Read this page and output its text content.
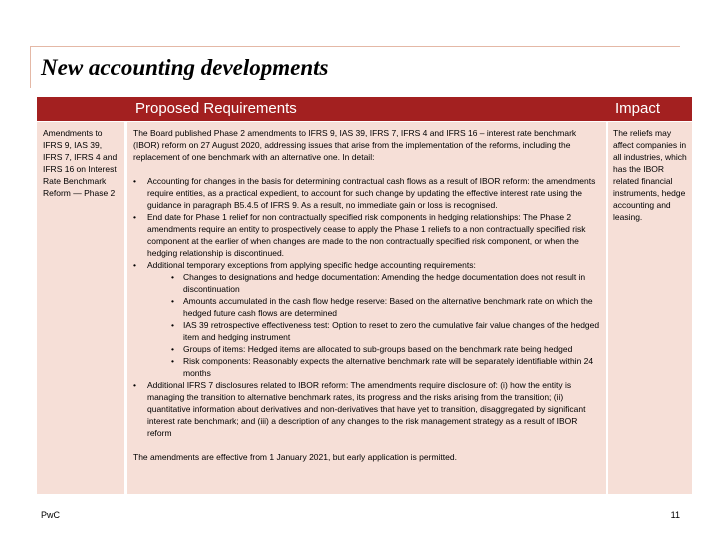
New accounting developments
Proposed Requirements	Impact
Amendments to IFRS 9, IAS 39, IFRS 7, IFRS 4 and IFRS 16 on Interest Rate Benchmark Reform — Phase 2

The Board published Phase 2 amendments to IFRS 9, IAS 39, IFRS 7, IFRS 4 and IFRS 16 – interest rate benchmark (IBOR) reform on 27 August 2020, addressing issues that arise from the implementation of the reforms, including the replacement of one benchmark with an alternative one. In detail:

• Accounting for changes in the basis for determining contractual cash flows as a result of IBOR reform: the amendments require entities, as a practical expedient, to account for such change by updating the effective interest rate using the guidance in paragraph B5.4.5 of IFRS 9. As a result, no immediate gain or loss is recognised.
• End date for Phase 1 relief for non contractually specified risk components in hedging relationships: The Phase 2 amendments require an entity to prospectively cease to apply the Phase 1 reliefs to a non contractually specified risk component at the earlier of when changes are made to the non contractually specified risk component, or when the hedging relationship is discontinued.
• Additional temporary exceptions from applying specific hedge accounting requirements:
• Changes to designations and hedge documentation: Amending the hedge documentation does not result in discontinuation
• Amounts accumulated in the cash flow hedge reserve: Based on the alternative benchmark rate on which the hedged future cash flows are determined
• IAS 39 retrospective effectiveness test: Option to reset to zero the cumulative fair value changes of the hedged item and hedging instrument
• Groups of items: Hedged items are allocated to sub-groups based on the benchmark rate being hedged
• Risk components: Reasonably expects the alternative benchmark rate will be separately identifiable within 24 months
• Additional IFRS 7 disclosures related to IBOR reform: The amendments require disclosure of: (i) how the entity is managing the transition to alternative benchmark rates, its progress and the risks arising from the transition; (ii) quantitative information about derivatives and non-derivatives that have yet to transition, disaggregated by significant interest rate benchmark; and (iii) a description of any changes to the risk management strategy as a result of IBOR reform

The amendments are effective from 1 January 2021, but early application is permitted.

The reliefs may affect companies in all industries, which has the IBOR related financial instruments, hedge accounting and leasing.
PwC	11
